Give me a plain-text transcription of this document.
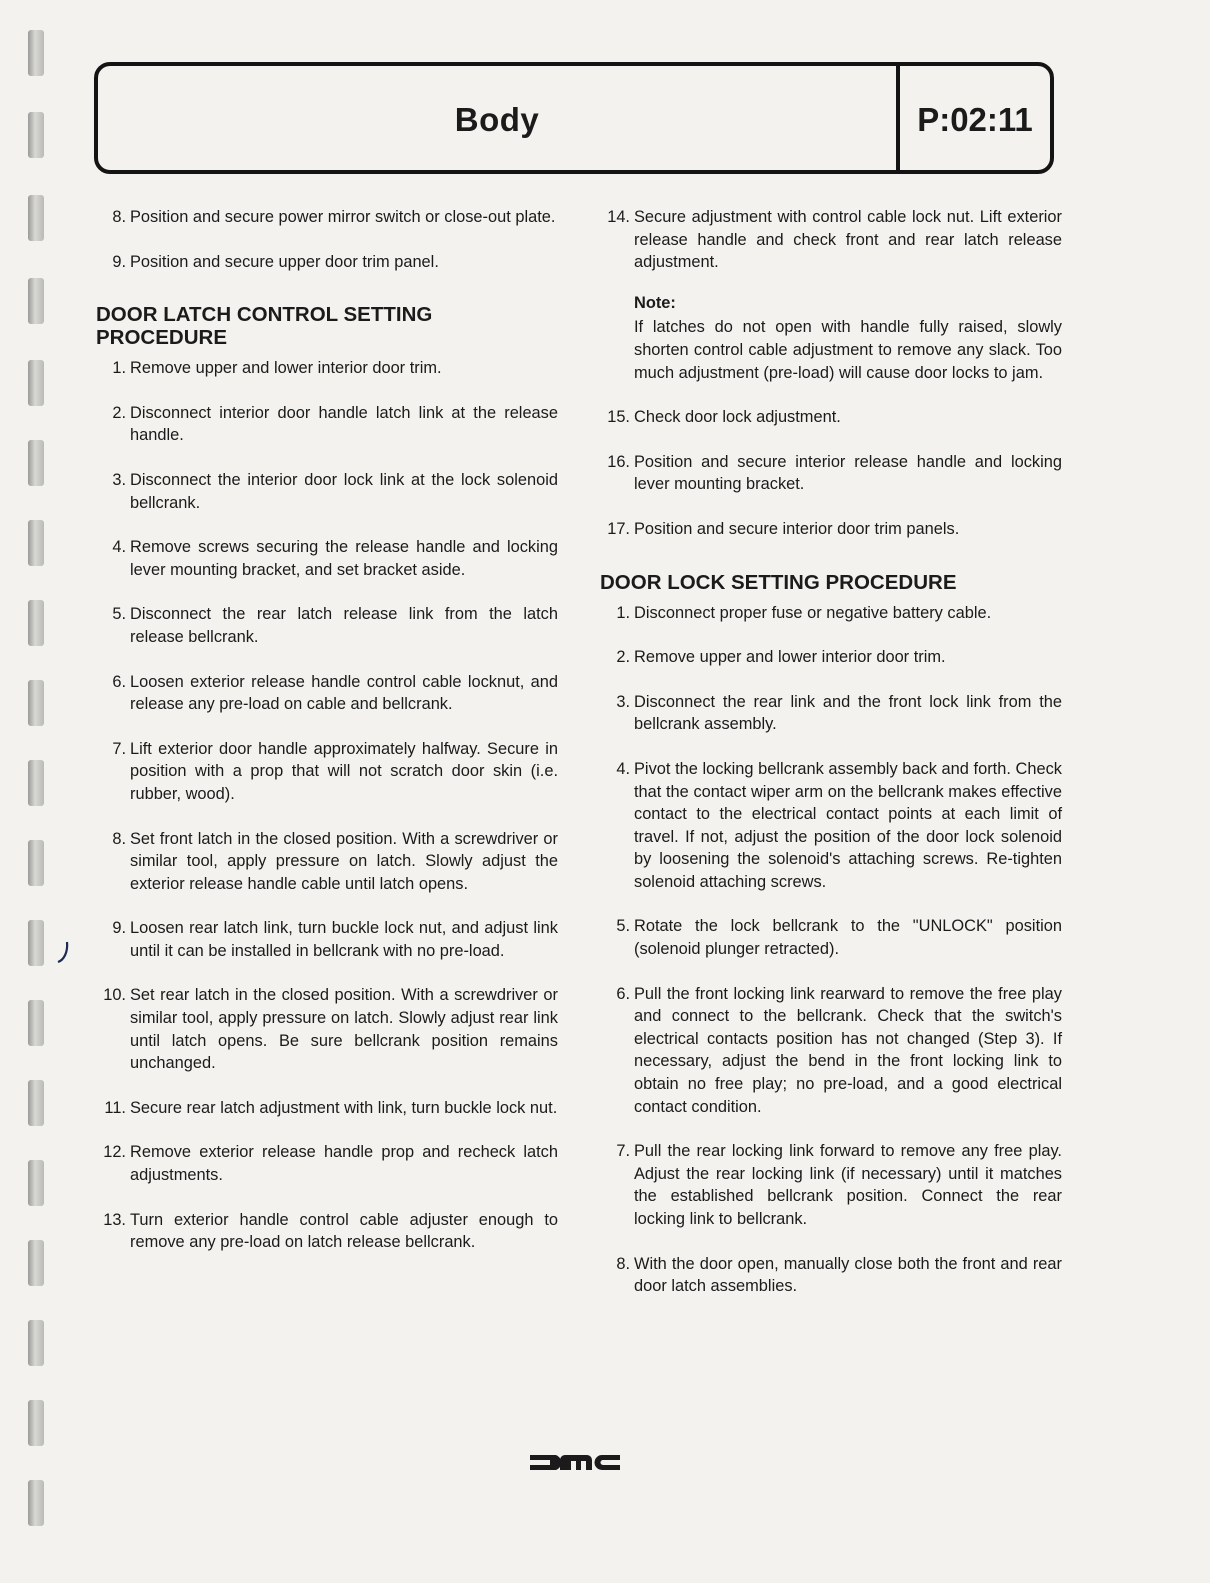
Body	P:02:11
8. Position and secure power mirror switch or close-out plate.
9. Position and secure upper door trim panel.
DOOR LATCH CONTROL SETTING PROCEDURE
1. Remove upper and lower interior door trim.
2. Disconnect interior door handle latch link at the release handle.
3. Disconnect the interior door lock link at the lock solenoid bellcrank.
4. Remove screws securing the release handle and locking lever mounting bracket, and set bracket aside.
5. Disconnect the rear latch release link from the latch release bellcrank.
6. Loosen exterior release handle control cable locknut, and release any pre-load on cable and bellcrank.
7. Lift exterior door handle approximately halfway. Secure in position with a prop that will not scratch door skin (i.e. rubber, wood).
8. Set front latch in the closed position. With a screwdriver or similar tool, apply pressure on latch. Slowly adjust the exterior release handle cable until latch opens.
9. Loosen rear latch link, turn buckle lock nut, and adjust link until it can be installed in bellcrank with no pre-load.
10. Set rear latch in the closed position. With a screwdriver or similar tool, apply pressure on latch. Slowly adjust rear link until latch opens. Be sure bellcrank position remains unchanged.
11. Secure rear latch adjustment with link, turn buckle lock nut.
12. Remove exterior release handle prop and recheck latch adjustments.
13. Turn exterior handle control cable adjuster enough to remove any pre-load on latch release bellcrank.
14. Secure adjustment with control cable lock nut. Lift exterior release handle and check front and rear latch release adjustment.
Note:
If latches do not open with handle fully raised, slowly shorten control cable adjustment to remove any slack. Too much adjustment (pre-load) will cause door locks to jam.
15. Check door lock adjustment.
16. Position and secure interior release handle and locking lever mounting bracket.
17. Position and secure interior door trim panels.
DOOR LOCK SETTING PROCEDURE
1. Disconnect proper fuse or negative battery cable.
2. Remove upper and lower interior door trim.
3. Disconnect the rear link and the front lock link from the bellcrank assembly.
4. Pivot the locking bellcrank assembly back and forth. Check that the contact wiper arm on the bellcrank makes effective contact to the electrical contact points at each limit of travel. If not, adjust the position of the door lock solenoid by loosening the solenoid's attaching screws. Re-tighten solenoid attaching screws.
5. Rotate the lock bellcrank to the "UNLOCK" position (solenoid plunger retracted).
6. Pull the front locking link rearward to remove the free play and connect to the bellcrank. Check that the switch's electrical contacts position has not changed (Step 3). If necessary, adjust the bend in the front locking link to obtain no free play; no pre-load, and a good electrical contact condition.
7. Pull the rear locking link forward to remove any free play. Adjust the rear locking link (if necessary) until it matches the established bellcrank position. Connect the rear locking link to bellcrank.
8. With the door open, manually close both the front and rear door latch assemblies.
